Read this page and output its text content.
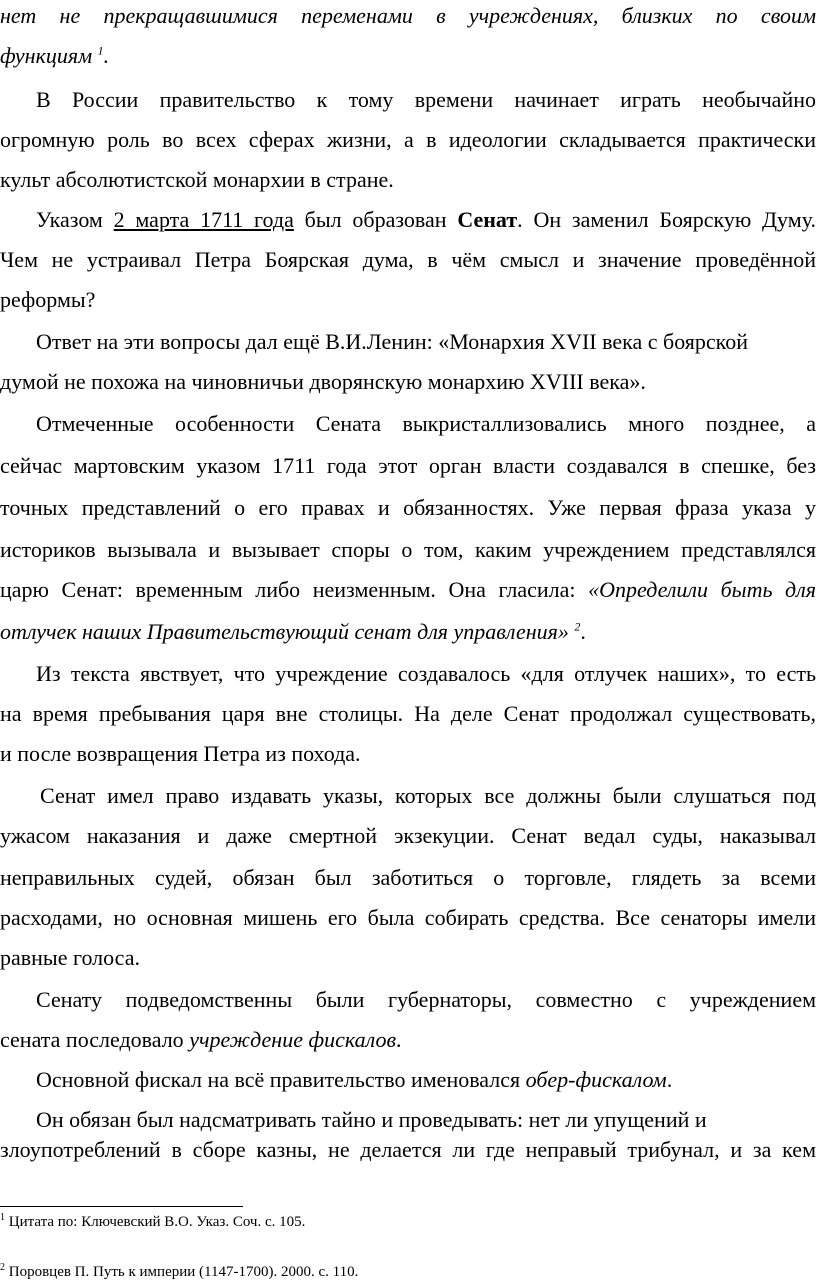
нет не прекращавшимися переменами в учреждениях, близких по своим
функциям $^1$.
В России правительство к тому времени начинает играть необычайно
огромную роль во всех сферах жизни, а в идеологии складывается практически
культ абсолютистской монархии в стране.
Указом 2 марта 1711 года был образован Сенат. Он заменил Боярскую Думу.
Чем не устраивал Петра Боярская дума, в чём смысл и значение проведённой
реформы?
Ответ на эти вопросы дал ещё В.И.Ленин: «Монархия XVII века с боярской
думой не похожа на чиновничьи дворянскую монархию XVIII века».
Отмеченные особенности Сената выкристаллизовались много позднее, а
сейчас мартовским указом 1711 года этот орган власти создавался в спешке, без
точных представлений о его правах и обязанностях. Уже первая фраза указа у
историков вызывала и вызывает споры о том, каким учреждением представлялся
царю Сенат: временным либо неизменным. Она гласила: «Определили быть для
отлучек наших Правительствующий сенат для управления» $^2$.
Из текста явствует, что учреждение создавалось «для отлучек наших», то есть
на время пребывания царя вне столицы. На деле Сенат продолжал существовать,
и после возвращения Петра из похода.
Сенат имел право издавать указы, которых все должны были слушаться под
ужасом наказания и даже смертной экзекуции. Сенат ведал суды, наказывал
неправильных судей, обязан был заботиться о торговле, глядеть за всеми
расходами, но основная мишень его была собирать средства. Все сенаторы имели
равные голоса.
Сенату подведомственны были губернаторы, совместно с учреждением
сената последовало учреждение фискалов.
Основной фискал на всё правительство именовался обер-фискалом.
Он обязан был надсматривать тайно и проведывать: нет ли упущений и
злоупотреблений в сборе казны, не делается ли где неправый трибунал, и за кем
$^1$ Цитата по: Ключевский В.О. Указ. Соч. с. 105.
$^2$ Поровцев П. Путь к империи (1147-1700). 2000. с. 110.
